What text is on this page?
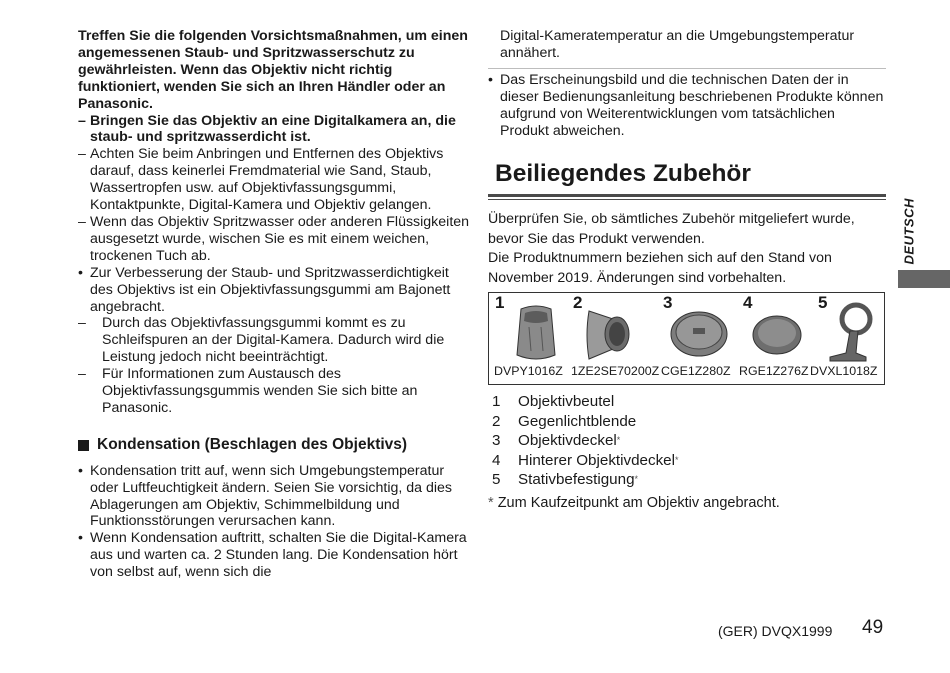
Treffen Sie die folgenden Vorsichtsmaßnahmen, um einen angemessenen Staub- und Spritzwasserschutz zu gewährleisten. Wenn das Objektiv nicht richtig funktioniert, wenden Sie sich an Ihren Händler oder an Panasonic.
– Bringen Sie das Objektiv an eine Digitalkamera an, die staub- und spritzwasserdicht ist.
– Achten Sie beim Anbringen und Entfernen des Objektivs darauf, dass keinerlei Fremdmaterial wie Sand, Staub, Wassertropfen usw. auf Objektivfassungsgummi, Kontaktpunkte, Digital-Kamera und Objektiv gelangen.
– Wenn das Objektiv Spritzwasser oder anderen Flüssigkeiten ausgesetzt wurde, wischen Sie es mit einem weichen, trockenen Tuch ab.
• Zur Verbesserung der Staub- und Spritzwasserdichtigkeit des Objektivs ist ein Objektivfassungsgummi am Bajonett angebracht.
– Durch das Objektivfassungsgummi kommt es zu Schleifspuren an der Digital-Kamera. Dadurch wird die Leistung jedoch nicht beeinträchtigt.
– Für Informationen zum Austausch des Objektivfassungsgummis wenden Sie sich bitte an Panasonic.
Kondensation (Beschlagen des Objektivs)
• Kondensation tritt auf, wenn sich Umgebungstemperatur oder Luftfeuchtigkeit ändern. Seien Sie vorsichtig, da dies Ablagerungen am Objektiv, Schimmelbildung und Funktionsstörungen verursachen kann.
• Wenn Kondensation auftritt, schalten Sie die Digital-Kamera aus und warten ca. 2 Stunden lang. Die Kondensation hört von selbst auf, wenn sich die
Digital-Kameratemperatur an die Umgebungstemperatur annähert.
• Das Erscheinungsbild und die technischen Daten der in dieser Bedienungsanleitung beschriebenen Produkte können aufgrund von Weiterentwicklungen vom tatsächlichen Produkt abweichen.
Beiliegendes Zubehör
Überprüfen Sie, ob sämtliches Zubehör mitgeliefert wurde, bevor Sie das Produkt verwenden.
Die Produktnummern beziehen sich auf den Stand von November 2019. Änderungen sind vorbehalten.
1
DVPY1016Z
2
1ZE2SE70200Z
3
CGE1Z280Z
4
RGE1Z276Z
5
DVXL1018Z
1	Objektivbeutel
2	Gegenlichtblende
3	Objektivdeckel *
4	Hinterer Objektivdeckel *
5	Stativbefestigung *
* Zum Kaufzeitpunkt am Objektiv angebracht.
DEUTSCH
(GER) DVQX1999 49
